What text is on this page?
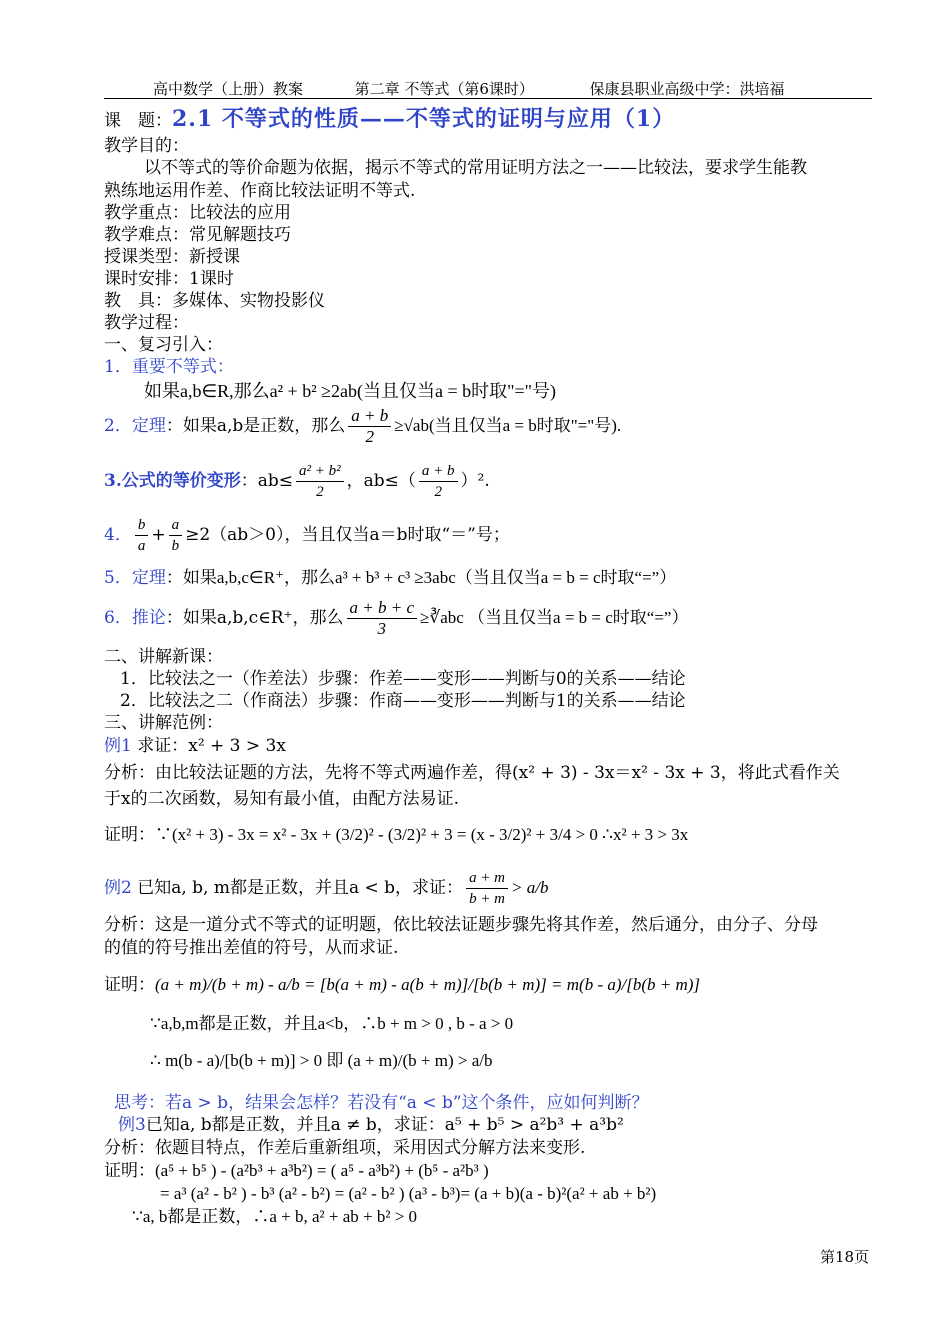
高中数学（上册）教案	第二章 不等式（第6课时）	保康县职业高级中学：洪培福
课　题：2.1 不等式的性质——不等式的证明与应用（1）
教学目的：
以不等式的等价命题为依据，揭示不等式的常用证明方法之一——比较法，要求学生能教
熟练地运用作差、作商比较法证明不等式.
教学重点：比较法的应用
教学难点：常见解题技巧
授课类型：新授课
课时安排：1课时
教　具：多媒体、实物投影仪
教学过程：
一、复习引入：
1．重要不等式：
如果a,b∈R,那么a² + b² ≥2ab(当且仅当a = b时取"="号)
2．定理：如果a,b是正数，那么 $\frac{a + b}{2} \ge√ab$(当且仅当a = b时取"="号).
3.公式的等价变形：$ab\le \frac{\text{a² + b²}}{2}$ ，$ab\le( \frac{a + b}{2} )^2$.
4． $\frac{b}{a} + \frac{a}{b} \ge 2(ab>0)$，当且仅当a＝b时取“＝”号；
5．定理：如果a,b,c∈R⁺，那么a³ + b³ + c³ ≥3abc（当且仅当a = b = c时取“=”）
6．推论：如果a,b,c∈R⁺，那么 $\frac{a + b + c}{3}$ ≥∛abc （当且仅当a = b = c时取“=”）
二、讲解新课：
1．比较法之一（作差法）步骤：作差——变形——判断与0的关系——结论
2．比较法之二（作商法）步骤：作商——变形——判断与1的关系——结论
三、讲解范例：
例1 求证：x² + 3 > 3x
分析：由比较法证题的方法，先将不等式两遍作差，得(x² + 3) - 3x＝x² - 3x + 3，将此式看作关
于x的二次函数，易知有最小值，由配方法易证.
证明：∵(x² + 3) - 3x = x² - 3x + (3/2)² - (3/2)² + 3 = (x - 3/2)² + 3/4 > 0 ∴x² + 3 > 3x
例2 已知a, b, m都是正数，并且a < b，求证： $\frac{a + m}{b + m} > a/b$
分析：这是一道分式不等式的证明题，依比较法证题步骤先将其作差，然后通分，由分子、分母
的值的符号推出差值的符号，从而求证.
证明：(a + m)/(b + m) - a/b = [b(a + m) - a(b + m)]/[b(b + m)] = m(b - a)/[b(b + m)]
∵a,b,m都是正数，并且a<b，∴b + m > 0 , b - a > 0
∴ m(b - a)/[b(b + m)] > 0 即 (a + m)/(b + m) > a/b
思考：若a > b，结果会怎样？若没有“a < b”这个条件，应如何判断？
例3已知a, b都是正数，并且a ≠ b，求证：a⁵ + b⁵ > a²b³ + a³b²
分析：依题目特点，作差后重新组项，采用因式分解方法来变形.
证明：(a⁵ + b⁵ ) - (a²b³ + a³b²) = ( a⁵ - a³b²) + (b⁵ - a²b³ )
= a³ (a² - b² ) - b³ (a² - b²) = (a² - b² ) (a³ - b³)= (a + b)(a - b)²(a² + ab + b²)
∵a, b都是正数，∴a + b, a² + ab + b² > 0
第18页
